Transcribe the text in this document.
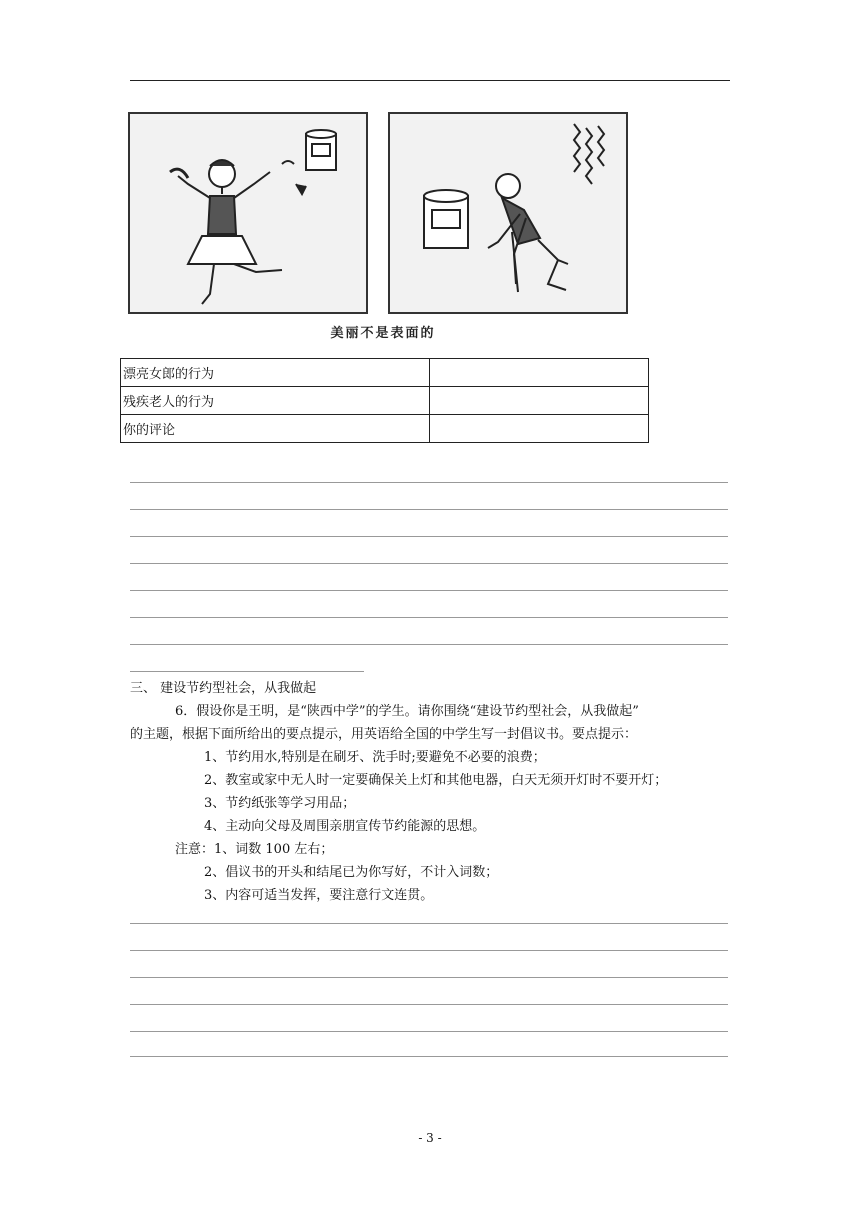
美丽不是表面的
漂亮女郎的行为	
残疾老人的行为	
你的评论	
三、 建设节约型社会，从我做起
6．假设你是王明，是“陕西中学”的学生。请你围绕“建设节约型社会，从我做起”
的主题，根据下面所给出的要点提示，用英语给全国的中学生写一封倡议书。要点提示：
1、节约用水,特别是在刷牙、洗手时;要避免不必要的浪费；
2、教室或家中无人时一定要确保关上灯和其他电器，白天无须开灯时不要开灯；
3、节约纸张等学习用品；
4、主动向父母及周围亲朋宣传节约能源的思想。
注意：1、词数 100 左右；
2、倡议书的开头和结尾已为你写好，不计入词数；
3、内容可适当发挥，要注意行文连贯。
- 3 -
